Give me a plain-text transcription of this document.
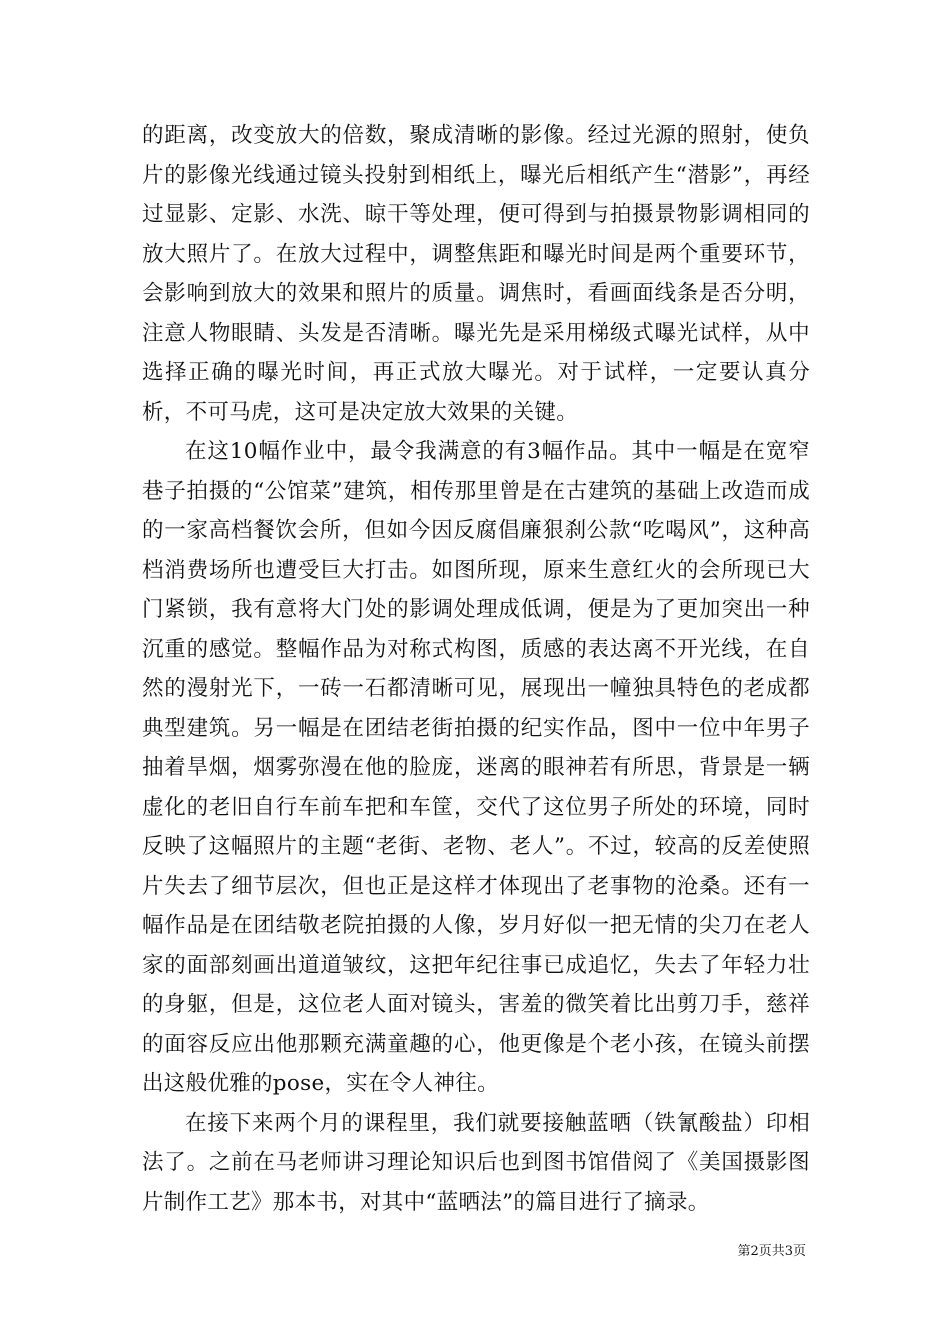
的距离，改变放大的倍数，聚成清晰的影像。经过光源的照射，使负片的影像光线通过镜头投射到相纸上，曝光后相纸产生“潜影”，再经过显影、定影、水洗、晾干等处理，便可得到与拍摄景物影调相同的放大照片了。在放大过程中，调整焦距和曝光时间是两个重要环节，会影响到放大的效果和照片的质量。调焦时，看画面线条是否分明，注意人物眼睛、头发是否清晰。曝光先是采用梯级式曝光试样，从中选择正确的曝光时间，再正式放大曝光。对于试样，一定要认真分析，不可马虎，这可是决定放大效果的关键。

在这10幅作业中，最令我满意的有3幅作品。其中一幅是在宽窄巷子拍摄的“公馆菜”建筑，相传那里曾是在古建筑的基础上改造而成的一家高档餐饮会所，但如今因反腐倡廉狠刹公款“吃喝风”，这种高档消费场所也遭受巨大打击。如图所现，原来生意红火的会所现已大门紧锁，我有意将大门处的影调处理成低调，便是为了更加突出一种沉重的感觉。整幅作品为对称式构图，质感的表达离不开光线，在自然的漫射光下，一砖一石都清晰可见，展现出一幢独具特色的老成都典型建筑。另一幅是在团结老街拍摄的纪实作品，图中一位中年男子抽着旱烟，烟雾弥漫在他的脸庞，迷离的眼神若有所思，背景是一辆虚化的老旧自行车前车把和车筐，交代了这位男子所处的环境，同时反映了这幅照片的主题“老街、老物、老人”。不过，较高的反差使照片失去了细节层次，但也正是这样才体现出了老事物的沧桑。还有一幅作品是在团结敬老院拍摄的人像，岁月好似一把无情的尖刀在老人家的面部刻画出道道皱纹，这把年纪往事已成追忆，失去了年轻力壮的身躯，但是，这位老人面对镜头，害羞的微笑着比出剪刀手，慈祥的面容反应出他那颗充满童趣的心，他更像是个老小孩，在镜头前摆出这般优雅的pose，实在令人神往。

在接下来两个月的课程里，我们就要接触蓝晒（铁氰酸盐）印相法了。之前在马老师讲习理论知识后也到图书馆借阅了《美国摄影图片制作工艺》那本书，对其中“蓝晒法”的篇目进行了摘录。

第2页共3页
